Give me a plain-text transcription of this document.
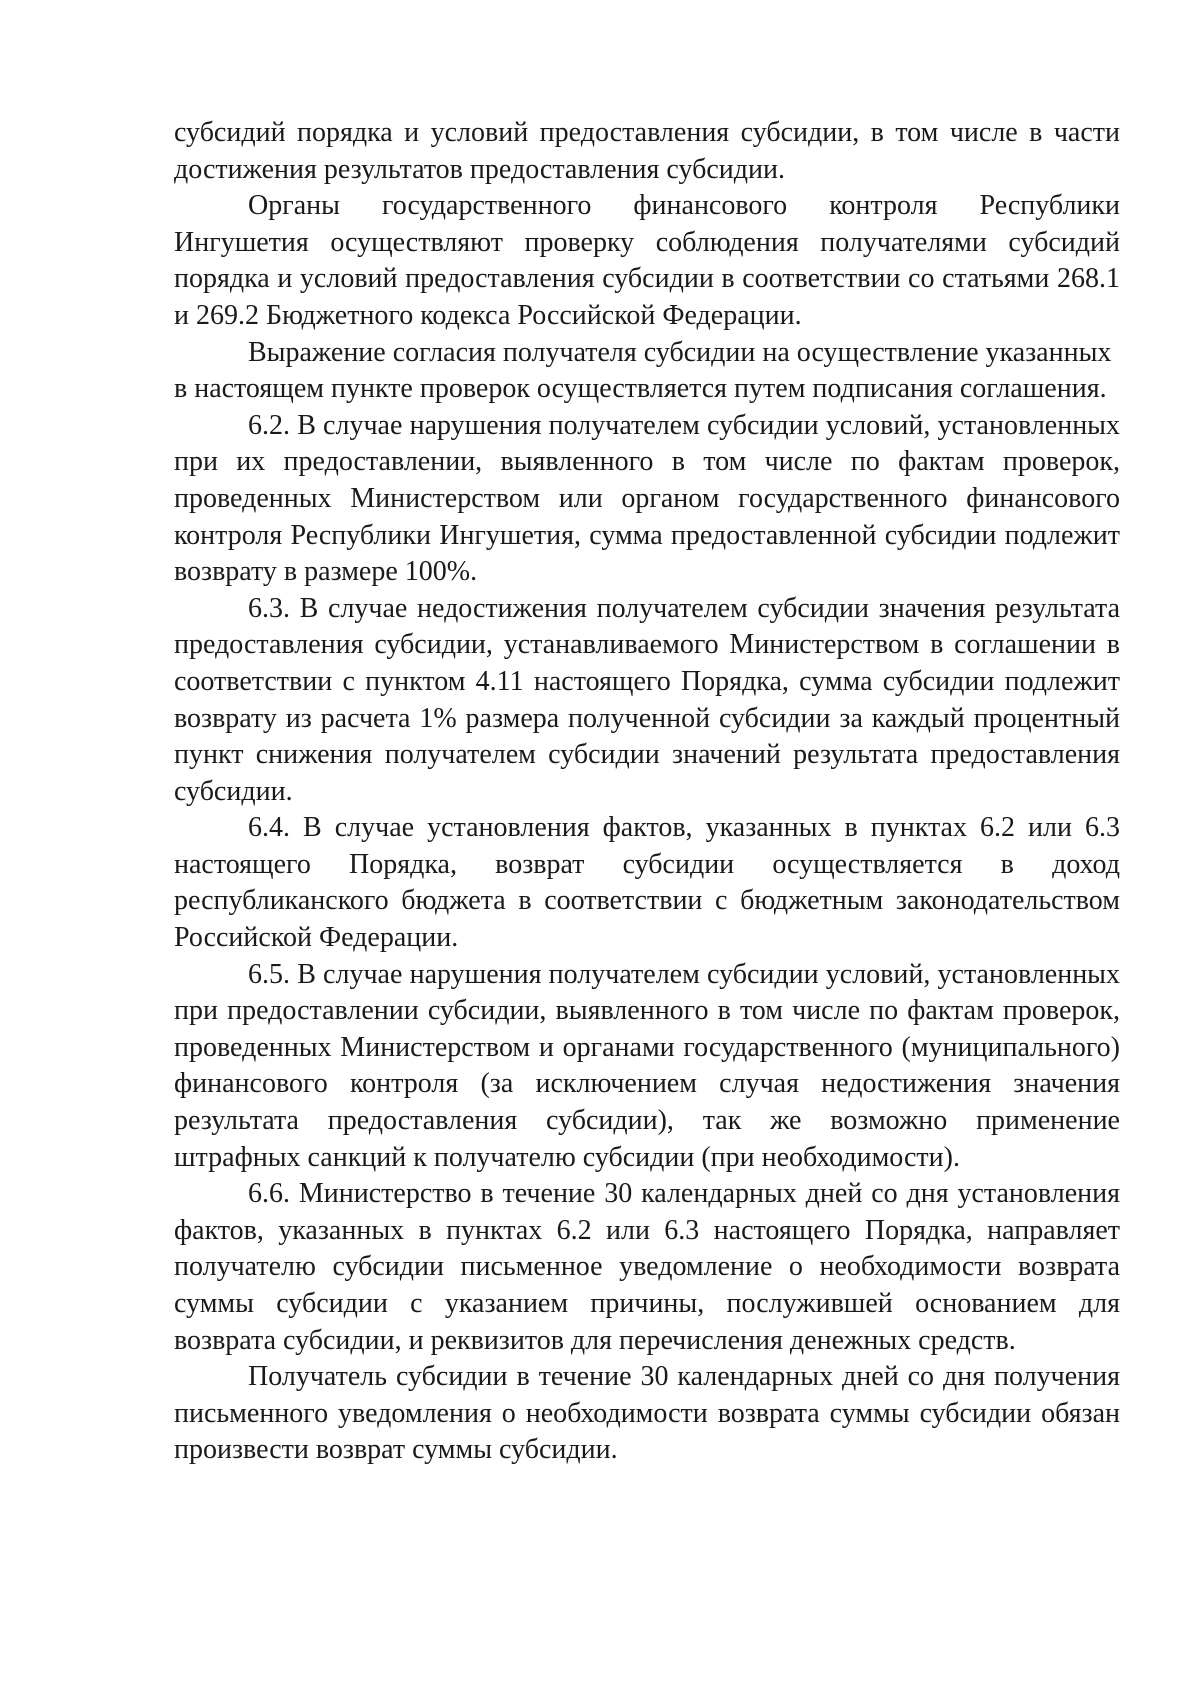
субсидий порядка и условий предоставления субсидии, в том числе в части достижения результатов предоставления субсидии.

Органы государственного финансового контроля Республики Ингушетия осуществляют проверку соблюдения получателями субсидий порядка и условий предоставления субсидии в соответствии со статьями 268.1 и 269.2 Бюджетного кодекса Российской Федерации.

Выражение согласия получателя субсидии на осуществление указанных

в настоящем пункте проверок осуществляется путем подписания соглашения.

6.2. В случае нарушения получателем субсидии условий, установленных при их предоставлении, выявленного в том числе по фактам проверок, проведенных Министерством или органом государственного финансового контроля Республики Ингушетия, сумма предоставленной субсидии подлежит возврату в размере 100%.

6.3. В случае недостижения получателем субсидии значения результата предоставления субсидии, устанавливаемого Министерством в соглашении в соответствии с пунктом 4.11 настоящего Порядка, сумма субсидии подлежит возврату из расчета 1% размера полученной субсидии за каждый процентный пункт снижения получателем субсидии значений результата предоставления субсидии.

6.4. В случае установления фактов, указанных в пунктах 6.2 или 6.3 настоящего Порядка, возврат субсидии осуществляется в доход республиканского бюджета в соответствии с бюджетным законодательством Российской Федерации.

6.5. В случае нарушения получателем субсидии условий, установленных при предоставлении субсидии, выявленного в том числе по фактам проверок, проведенных Министерством и органами государственного (муниципального) финансового контроля (за исключением случая недостижения значения результата предоставления субсидии), так же возможно применение штрафных санкций к получателю субсидии (при необходимости).

6.6. Министерство в течение 30 календарных дней со дня установления фактов, указанных в пунктах 6.2 или 6.3 настоящего Порядка, направляет получателю субсидии письменное уведомление о необходимости возврата суммы субсидии с указанием причины, послужившей основанием для возврата субсидии, и реквизитов для перечисления денежных средств.

Получатель субсидии в течение 30 календарных дней со дня получения письменного уведомления о необходимости возврата суммы субсидии обязан произвести возврат суммы субсидии.
